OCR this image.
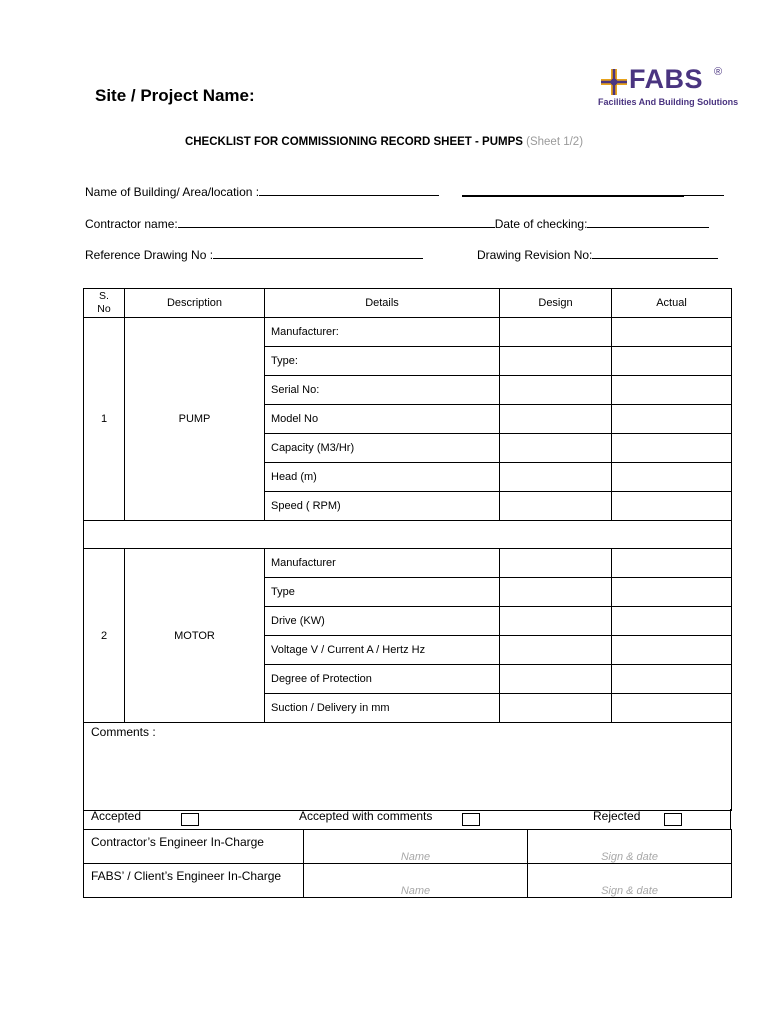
Site / Project Name:
FABS ®
Facilities And Building Solutions
CHECKLIST FOR COMMISSIONING RECORD SHEET - PUMPS (Sheet 1/2)
Name of Building/ Area/location :
Contractor name:	Date of checking:
Reference Drawing No :	Drawing Revision No:
S.
No	Description	Details	Design	Actual
1	PUMP	Manufacturer:		
		Type:		
		Serial No:		
		Model No		
		Capacity (M3/Hr)		
		Head (m)		
		Speed ( RPM)		

2	MOTOR	Manufacturer		
		Type		
		Drive (KW)		
		Voltage V / Current A / Hertz Hz		
		Degree of Protection		
		Suction / Delivery in mm		
Comments :				
Accepted	Accepted with comments	Rejected
Contractor’s Engineer In-Charge	Name	Sign & date
FABS’ / Client’s Engineer In-Charge	Name	Sign & date
